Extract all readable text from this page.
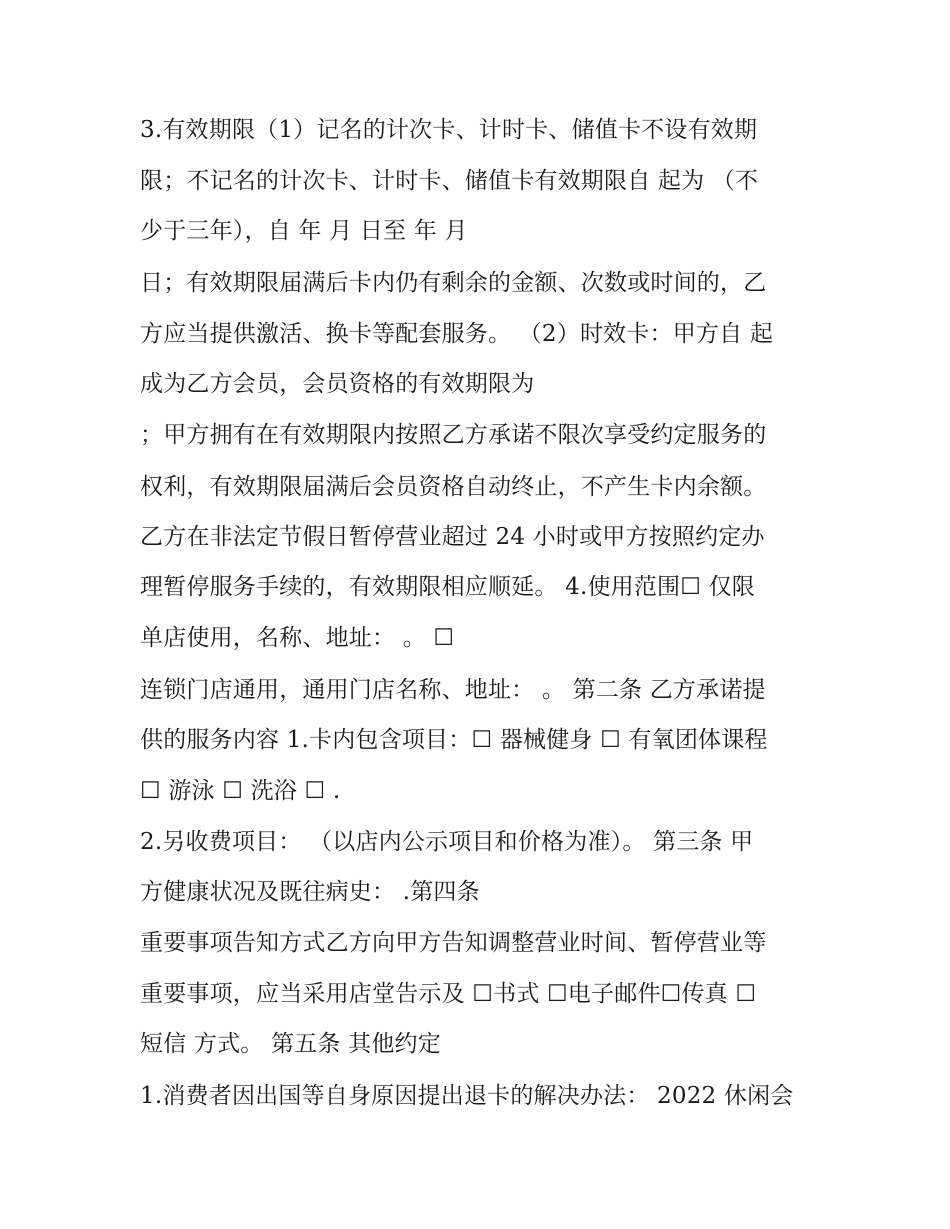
3.有效期限（1）记名的计次卡、计时卡、储值卡不设有效期
限；不记名的计次卡、计时卡、储值卡有效期限自 起为 （不
少于三年），自 年 月 日至 年 月
日；有效期限届满后卡内仍有剩余的金额、次数或时间的，乙
方应当提供激活、换卡等配套服务。 （2）时效卡：甲方自 起
成为乙方会员，会员资格的有效期限为
；甲方拥有在有效期限内按照乙方承诺不限次享受约定服务的
权利，有效期限届满后会员资格自动终止，不产生卡内余额。
乙方在非法定节假日暂停营业超过 24 小时或甲方按照约定办
理暂停服务手续的，有效期限相应顺延。 4.使用范围☐ 仅限
单店使用，名称、地址： 。 ☐
连锁门店通用，通用门店名称、地址： 。 第二条 乙方承诺提
供的服务内容 1.卡内包含项目：☐ 器械健身 ☐ 有氧团体课程
☐ 游泳 ☐ 洗浴 ☐ .
2.另收费项目： （以店内公示项目和价格为准）。 第三条 甲
方健康状况及既往病史： .第四条
重要事项告知方式乙方向甲方告知调整营业时间、暂停营业等
重要事项，应当采用店堂告示及 ☐书式 ☐电子邮件☐传真 ☐
短信 方式。 第五条 其他约定
1.消费者因出国等自身原因提出退卡的解决办法： 2022 休闲会
